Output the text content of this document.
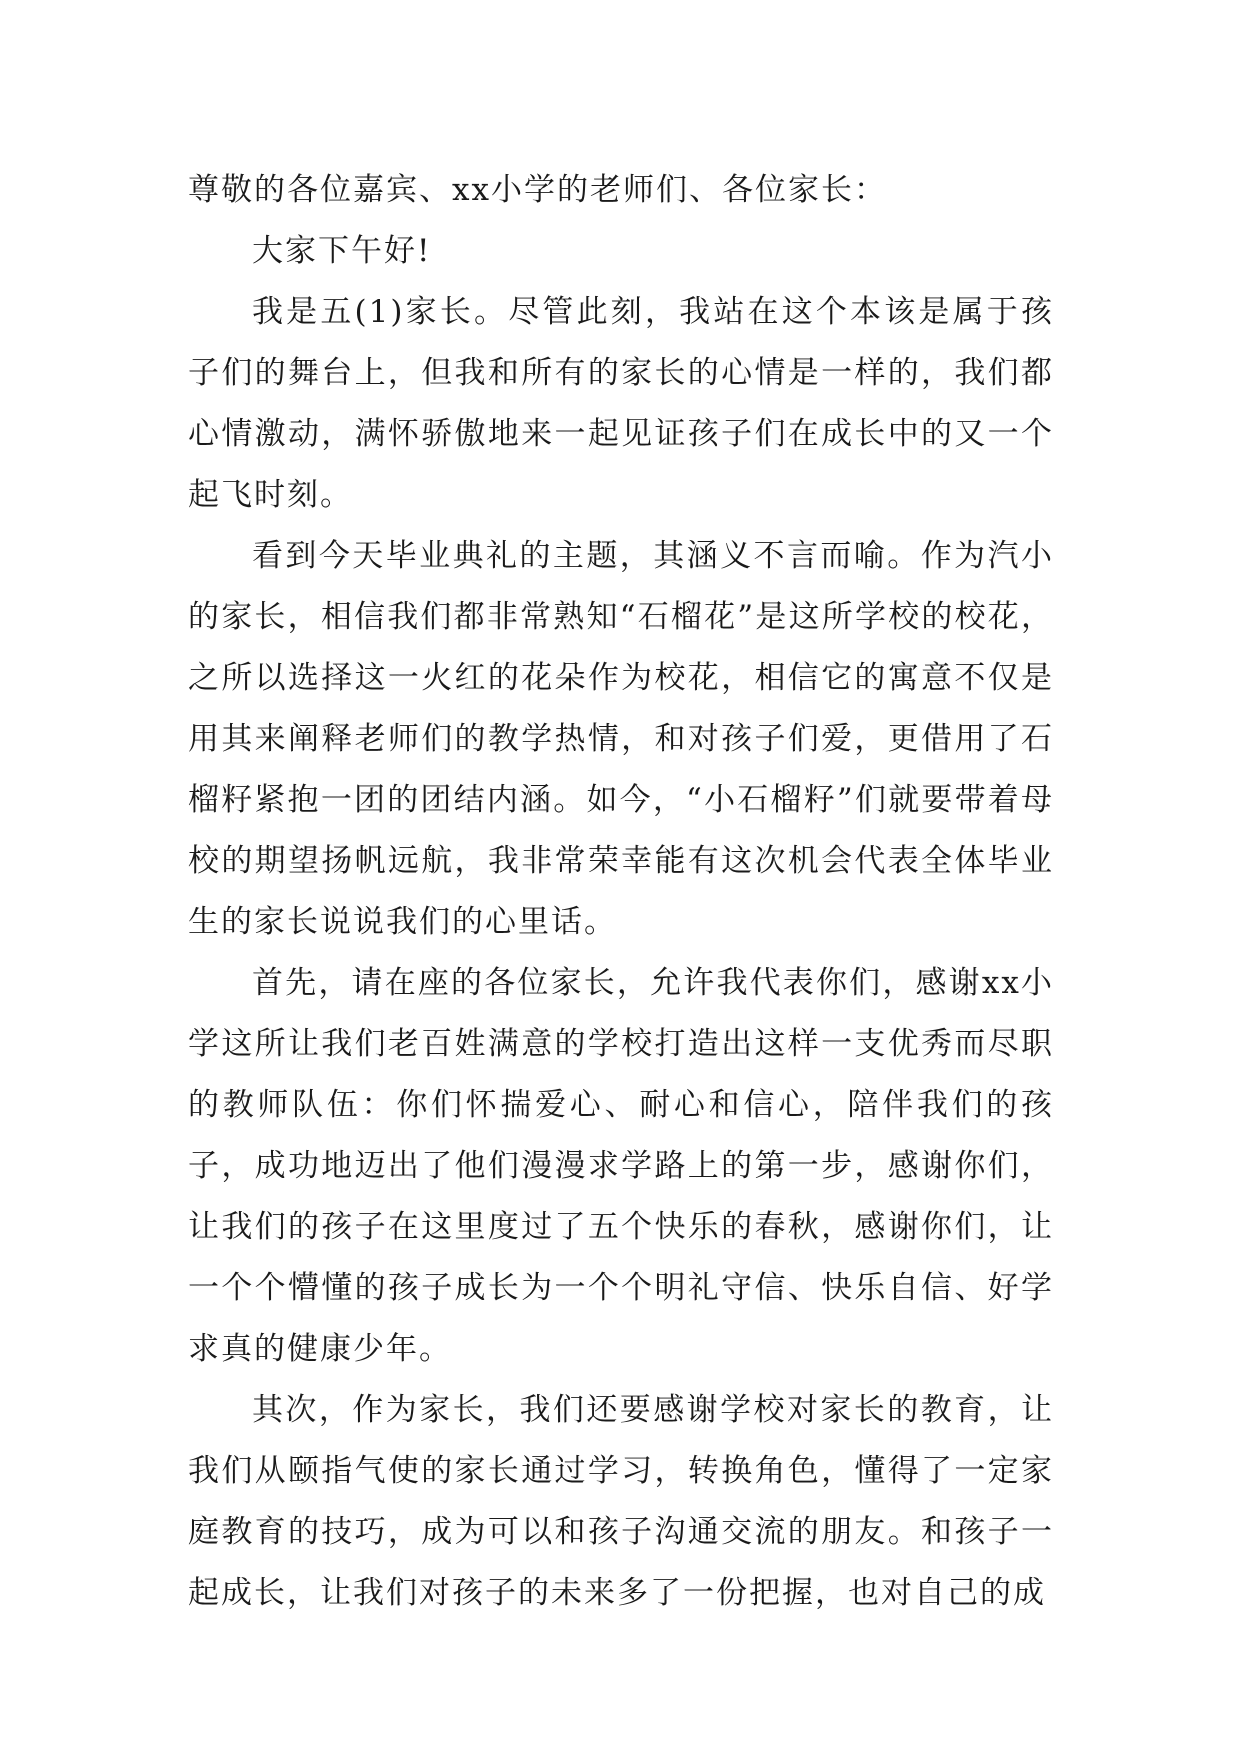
尊敬的各位嘉宾、xx小学的老师们、各位家长：

大家下午好!

我是五(1)家长。尽管此刻，我站在这个本该是属于孩子们的舞台上，但我和所有的家长的心情是一样的，我们都心情激动，满怀骄傲地来一起见证孩子们在成长中的又一个起飞时刻。

看到今天毕业典礼的主题，其涵义不言而喻。作为汽小的家长，相信我们都非常熟知“石榴花”是这所学校的校花，之所以选择这一火红的花朵作为校花，相信它的寓意不仅是用其来阐释老师们的教学热情，和对孩子们爱，更借用了石榴籽紧抱一团的团结内涵。如今，“小石榴籽”们就要带着母校的期望扬帆远航，我非常荣幸能有这次机会代表全体毕业生的家长说说我们的心里话。

首先，请在座的各位家长，允许我代表你们，感谢xx小学这所让我们老百姓满意的学校打造出这样一支优秀而尽职的教师队伍：你们怀揣爱心、耐心和信心，陪伴我们的孩子，成功地迈出了他们漫漫求学路上的第一步，感谢你们，让我们的孩子在这里度过了五个快乐的春秋，感谢你们，让一个个懵懂的孩子成长为一个个明礼守信、快乐自信、好学求真的健康少年。

其次，作为家长，我们还要感谢学校对家长的教育，让我们从颐指气使的家长通过学习，转换角色，懂得了一定家庭教育的技巧，成为可以和孩子沟通交流的朋友。和孩子一起成长，让我们对孩子的未来多了一份把握，也对自己的成
